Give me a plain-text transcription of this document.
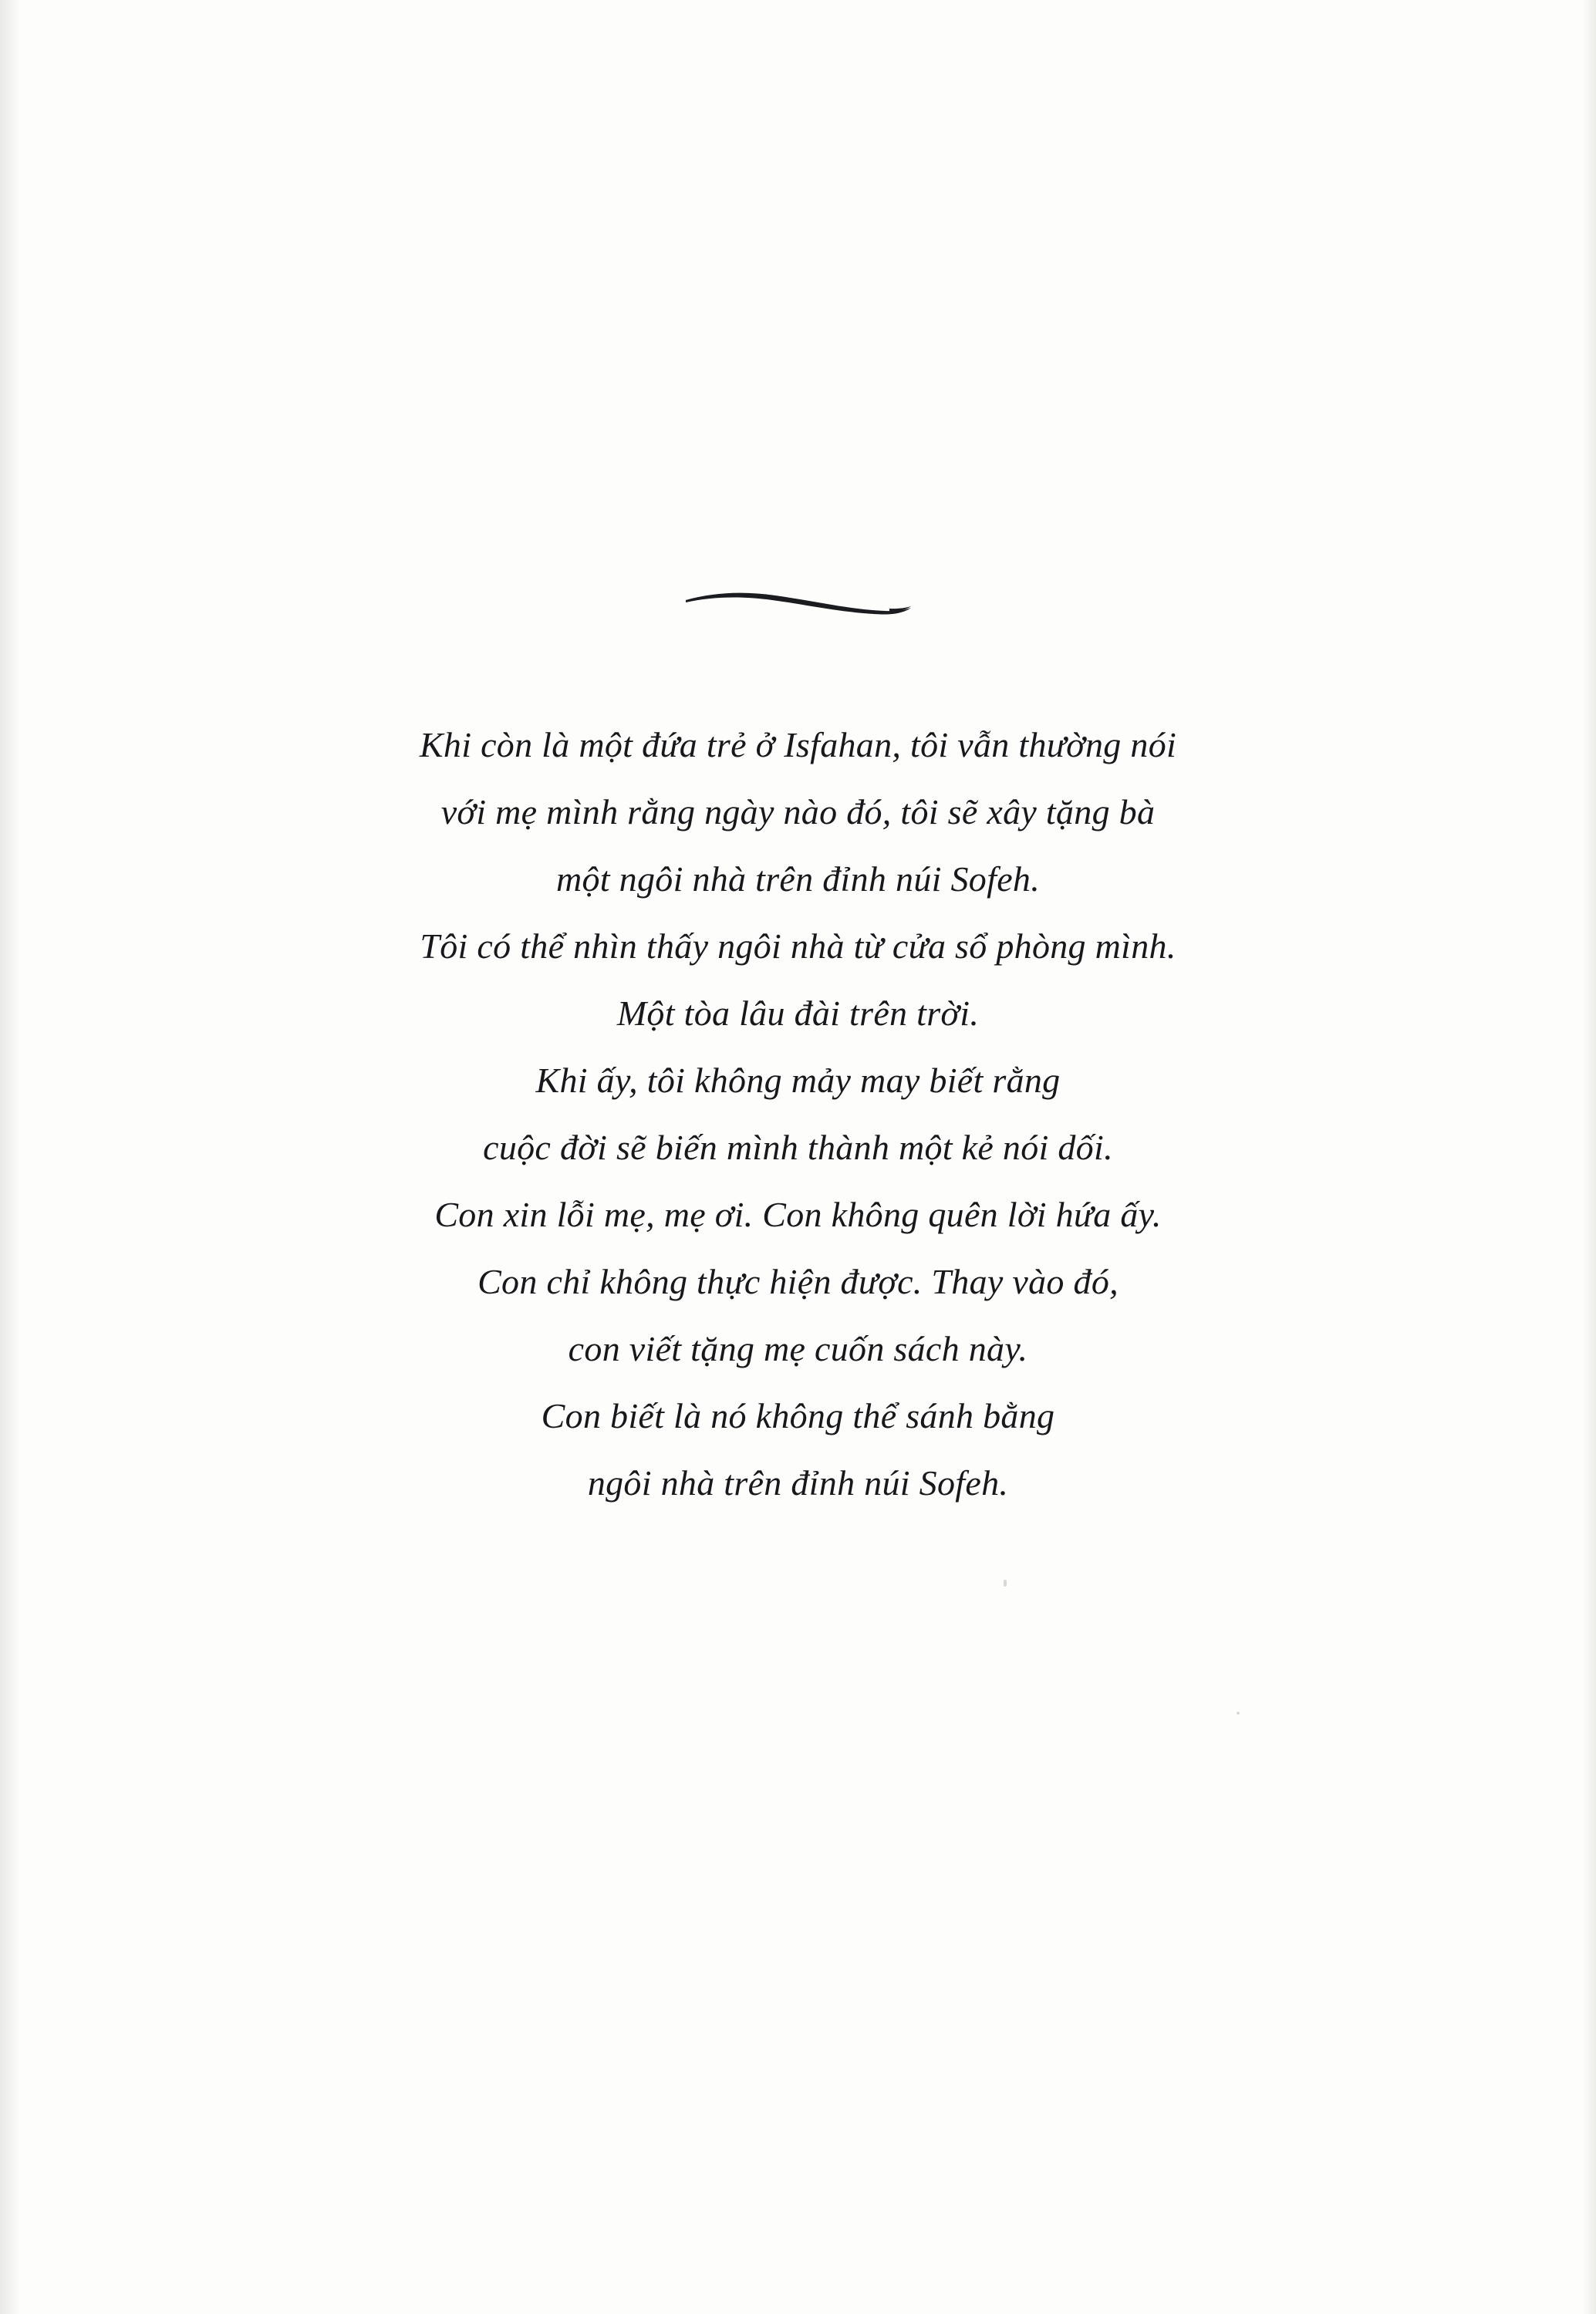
Khi còn là một đứa trẻ ở Isfahan, tôi vẫn thường nói
với mẹ mình rằng ngày nào đó, tôi sẽ xây tặng bà
một ngôi nhà trên đỉnh núi Sofeh.
Tôi có thể nhìn thấy ngôi nhà từ cửa sổ phòng mình.
Một tòa lâu đài trên trời.
Khi ấy, tôi không mảy may biết rằng
cuộc đời sẽ biến mình thành một kẻ nói dối.
Con xin lỗi mẹ, mẹ ơi. Con không quên lời hứa ấy.
Con chỉ không thực hiện được. Thay vào đó,
con viết tặng mẹ cuốn sách này.
Con biết là nó không thể sánh bằng
ngôi nhà trên đỉnh núi Sofeh.
